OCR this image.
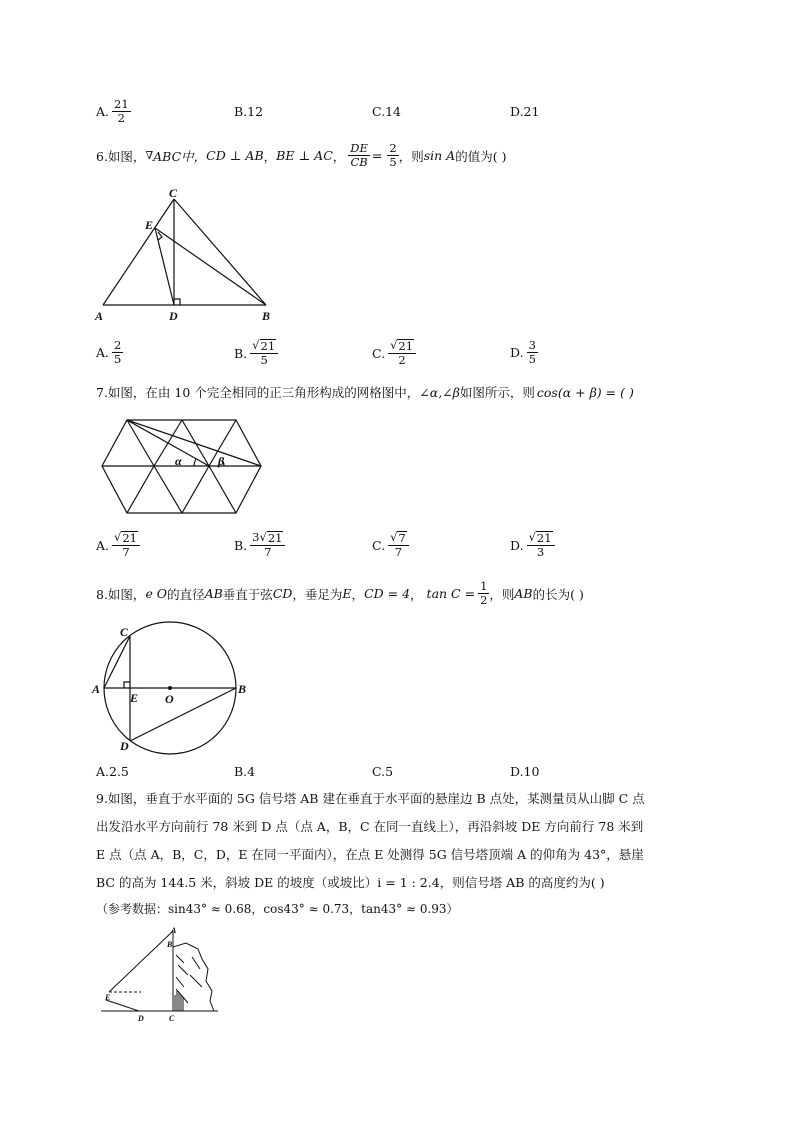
A. $\frac{21}{2}$	B.12	C.14	D.21
6.如图， ∇ ABC中， CD ⊥ AB ， BE ⊥ AC ， $\frac{DE}{CB} = \frac{2}{5}$ ，则 sin A 的值为( )
A	D	B
C
E
A. $\frac{2}{5}$	B. $\frac{√ 21}{5}$	C. $\frac{√ 21}{2}$	D. $\frac{3}{5}$
7.如图，在由 10 个完全相同的正三角形构成的网格图中， ∠α,∠β 如图所示，则 cos(α + β) = ( )
α	β
A. $\frac{√ 21}{7}$	B. $\frac{3 √ 21}{7}$	C. $\frac{√ 7}{7}$	D. $\frac{√ 21}{3}$
8.如图， e O 的直径 AB 垂直于弦 CD ，垂足为 E ， CD = 4 ， $\tan C = \frac{1}{2}$ ，则 AB 的长为( )
C
A
E O
B
D
A.2.5	B.4	C.5	D.10
9.如图，垂直于水平面的 5G 信号塔 AB 建在垂直于水平面的悬崖边 B 点处，某测量员从山脚 C 点
出发沿水平方向前行 78 米到 D 点（点 A，B，C 在同一直线上），再沿斜坡 DE 方向前行 78 米到
E 点（点 A，B，C，D，E 在同一平面内），在点 E 处测得 5G 信号塔顶端 A 的仰角为 43°，悬崖
BC 的高为 144.5 米，斜坡 DE 的坡度（或坡比）i = 1 : 2.4，则信号塔 AB 的高度约为( )
（参考数据：sin43° ≈ 0.68，cos43° ≈ 0.73，tan43° ≈ 0.93）
A
B
E
D	C
